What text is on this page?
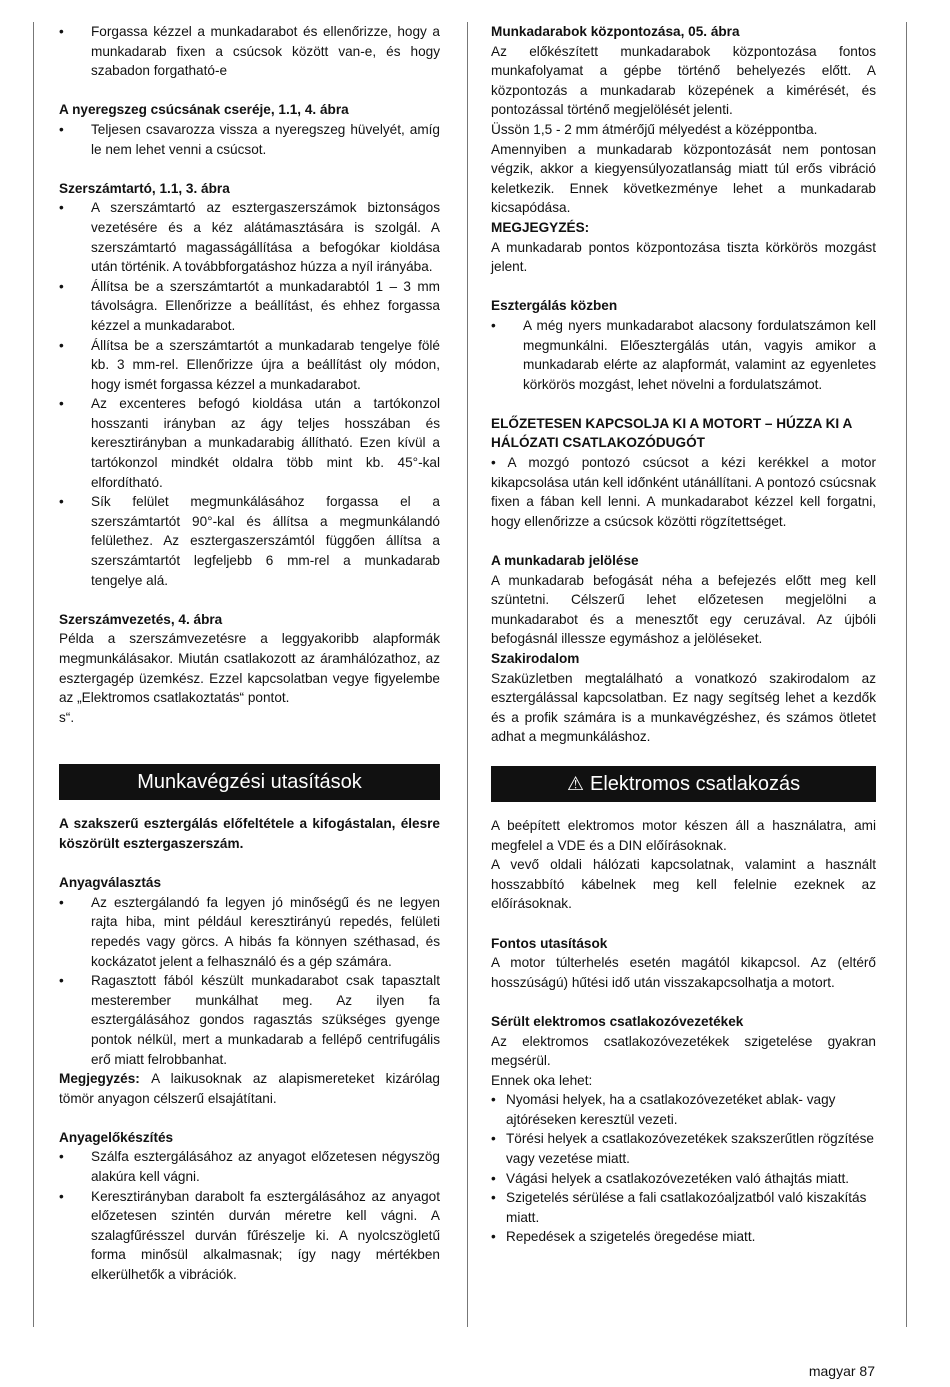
• Forgassa kézzel a munkadarabot és ellenőrizze, hogy a munkadarab fixen a csúcsok között van-e, és hogy szabadon forgatható-e
A nyeregszeg csúcsának cseréje, 1.1, 4. ábra
• Teljesen csavarozza vissza a nyeregszeg hüvelyét, amíg le nem lehet venni a csúcsot.
Szerszámtartó, 1.1, 3. ábra
• A szerszámtartó az esztergaszerszámok biztonságos vezetésére és a kéz alátámasztására is szolgál. A szerszámtartó magasságállítása a befogókar kioldása után történik. A továbbforgatáshoz húzza a nyíl irányába.
• Állítsa be a szerszámtartót a munkadarabtól 1 – 3 mm távolságra. Ellenőrizze a beállítást, és ehhez forgassa kézzel a munkadarabot.
• Állítsa be a szerszámtartót a munkadarab tengelye fölé kb. 3 mm-rel. Ellenőrizze újra a beállítást oly módon, hogy ismét forgassa kézzel a munkadarabot.
• Az excenteres befogó kioldása után a tartókonzol hosszanti irányban az ágy teljes hosszában és keresztirányban a munkadarabig állítható. Ezen kívül a tartókonzol mindkét oldalra több mint kb. 45°-kal elfordítható.
• Sík felület megmunkálásához forgassa el a szerszámtartót 90°-kal és állítsa a megmunkálandó felülethez. Az esztergaszerszámtól függően állítsa a szerszámtartót legfeljebb 6 mm-rel a munkadarab tengelye alá.
Szerszámvezetés, 4. ábra
Példa a szerszámvezetésre a leggyakoribb alapformák megmunkálásakor. Miután csatlakozott az áramhálózathoz, az esztergagép üzemkész. Ezzel kapcsolatban vegye figyelembe az „Elektromos csatlakoztatás“ pontot.
s“.
Munkavégzési utasítások
A szakszerű esztergálás előfeltétele a kifogástalan, élesre köszörült esztergaszerszám.
Anyagválasztás
• Az esztergálandó fa legyen jó minőségű és ne legyen rajta hiba, mint például keresztirányú repedés, felületi repedés vagy görcs. A hibás fa könnyen széthasad, és kockázatot jelent a felhasználó és a gép számára.
• Ragasztott fából készült munkadarabot csak tapasztalt mesterember munkálhat meg. Az ilyen fa esztergálásához gondos ragasztás szükséges gyenge pontok nélkül, mert a munkadarab a fellépő centrifugális erő miatt felrobbanhat.
Megjegyzés: A laikusoknak az alapismereteket kizárólag tömör anyagon célszerű elsajátítani.
Anyagelőkészítés
• Szálfa esztergálásához az anyagot előzetesen négyszög alakúra kell vágni.
• Keresztirányban darabolt fa esztergálásához az anyagot előzetesen szintén durván méretre kell vágni. A szalagfűrésszel durván fűrészelje ki. A nyolcszögletű forma minősül alkalmasnak; így nagy mértékben elkerülhetők a vibrációk.
Munkadarabok központozása, 05. ábra
Az előkészített munkadarabok központozása fontos munkafolyamat a gépbe történő behelyezés előtt. A központozás a munkadarab közepének a kimérését, és pontozással történő megjelölését jelenti.
Üssön 1,5 - 2 mm átmérőjű mélyedést a középpontba.
Amennyiben a munkadarab központozását nem pontosan végzik, akkor a kiegyensúlyozatlanság miatt túl erős vibráció keletkezik. Ennek következménye lehet a munkadarab kicsapódása.
MEGJEGYZÉS:
A munkadarab pontos központozása tiszta körkörös mozgást jelent.
Esztergálás közben
• A még nyers munkadarabot alacsony fordulatszámon kell megmunkálni. Előesztergálás után, vagyis amikor a munkadarab elérte az alapformát, valamint az egyenletes körkörös mozgást, lehet növelni a fordulatszámot.
ELŐZETESEN KAPCSOLJA KI A MOTORT – HÚZZA KI A HÁLÓZATI CSATLAKOZÓDUGÓT
• A mozgó pontozó csúcsot a kézi kerékkel a motor kikapcsolása után kell időnként utánállítani. A pontozó csúcsnak fixen a fában kell lenni. A munkadarabot kézzel kell forgatni, hogy ellenőrizze a csúcsok közötti rögzítettséget.
A munkadarab jelölése
A munkadarab befogását néha a befejezés előtt meg kell szüntetni. Célszerű lehet előzetesen megjelölni a munkadarabot és a menesztőt egy ceruzával. Az újbóli befogásnál illessze egymáshoz a jelöléseket.
Szakirodalom
Szaküzletben megtalálható a vonatkozó szakirodalom az esztergálással kapcsolatban. Ez nagy segítség lehet a kezdők és a profik számára is a munkavégzéshez, és számos ötletet adhat a megmunkáláshoz.
⚠ Elektromos csatlakozás
A beépített elektromos motor készen áll a használatra, ami megfelel a VDE és a DIN előírásoknak.
A vevő oldali hálózati kapcsolatnak, valamint a használt hosszabbító kábelnek meg kell felelnie ezeknek az előírásoknak.
Fontos utasítások
A motor túlterhelés esetén magától kikapcsol. Az (eltérő hosszúságú) hűtési idő után visszakapcsolhatja a motort.
Sérült elektromos csatlakozóvezetékek
Az elektromos csatlakozóvezetékek szigetelése gyakran megsérül.
Ennek oka lehet:
• Nyomási helyek, ha a csatlakozóvezetéket ablak- vagy ajtóréseken keresztül vezeti.
• Törési helyek a csatlakozóvezetékek szakszerűtlen rögzítése vagy vezetése miatt.
• Vágási helyek a csatlakozóvezetéken való áthajtás miatt.
• Szigetelés sérülése a fali csatlakozóaljzatból való kiszakítás miatt.
• Repedések a szigetelés öregedése miatt.
magyar 87
